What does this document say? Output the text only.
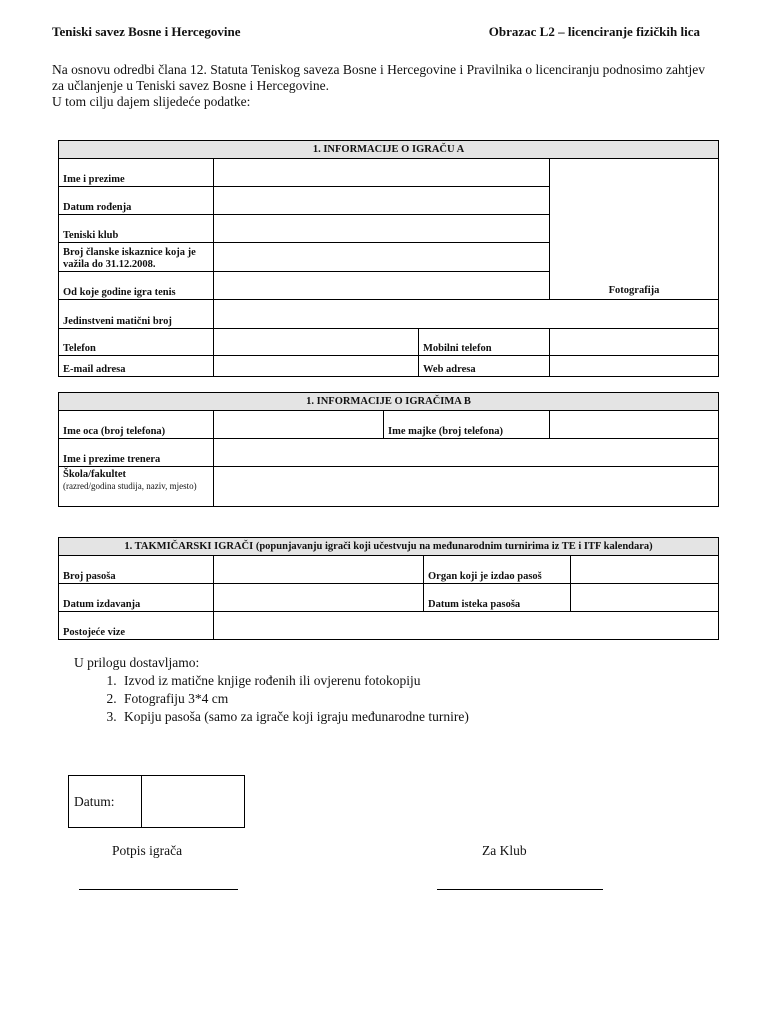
Teniski savez Bosne i Hercegovine	Obrazac L2 – licenciranje fizičkih lica

Na osnovu odredbi člana 12. Statuta Teniskog saveza Bosne i Hercegovine i Pravilnika o licenciranju podnosimo zahtjev za učlanjenje u Teniski savez Bosne i Hercegovine.

U tom cilju dajem slijedeće podatke:

1. INFORMACIJE O IGRAČU A			
Ime i prezime			Fotografija
Datum rođenja			
Teniski klub			
Broj članske iskaznice koja je važila do 31.12.2008.			
Od koje godine igra tenis			
Jedinstveni matični broj			
Telefon		Mobilni telefon	
E-mail adresa		Web adresa	
1. INFORMACIJE O IGRAČIMA B			
Ime oca (broj telefona)		Ime majke (broj telefona)	
Ime i prezime trenera			
Škola/fakultet
(razred/godina studija, naziv, mjesto)			

1. TAKMIČARSKI IGRAČI (popunjavanju igrači koji učestvuju na međunarodnim turnirima iz TE i ITF kalendara)			
Broj pasoša		Organ koji je izdao pasoš	
Datum izdavanja		Datum isteka pasoša	
Postojeće vize			
U prilogu dostavljamo:
1. Izvod iz matične knjige rođenih ili ovjerenu fotokopiju
2. Fotografiju 3*4 cm
3. Kopiju pasoša (samo za igrače koji igraju međunarodne turnire)
Datum:	
Potpis igrača	Za Klub
